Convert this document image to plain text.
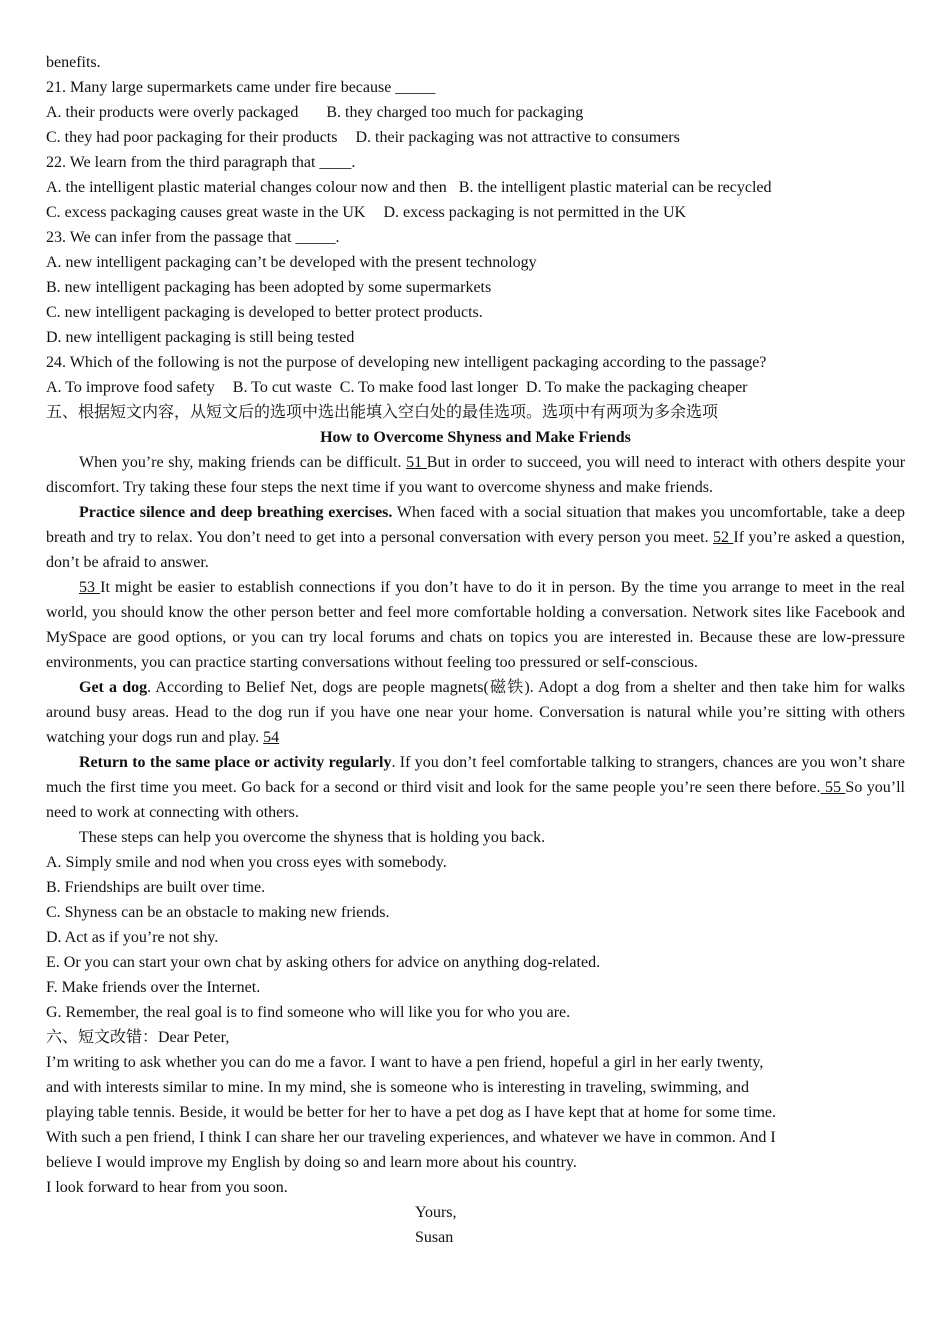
benefits.
21. Many large supermarkets came under fire because _____
A. their products were overly packaged B. they charged too much for packaging
C. they had poor packaging for their products D. their packaging was not attractive to consumers
22. We learn from the third paragraph that ____.
A. the intelligent plastic material changes colour now and then B. the intelligent plastic material can be recycled
C. excess packaging causes great waste in the UK D. excess packaging is not permitted in the UK
23. We can infer from the passage that _____.
A. new intelligent packaging can’t be developed with the present technology
B. new intelligent packaging has been adopted by some supermarkets
C. new intelligent packaging is developed to better protect products.
D. new intelligent packaging is still being tested
24. Which of the following is not the purpose of developing new intelligent packaging according to the passage?
A. To improve food safety B. To cut waste C. To make food last longer D. To make the packaging cheaper
五、根据短文内容，从短文后的选项中选出能填入空白处的最佳选项。选项中有两项为多余选项
How to Overcome Shyness and Make Friends
When you’re shy, making friends can be difficult. 51 But in order to succeed, you will need to interact with others despite your discomfort. Try taking these four steps the next time if you want to overcome shyness and make friends.
Practice silence and deep breathing exercises. When faced with a social situation that makes you uncomfortable, take a deep breath and try to relax. You don’t need to get into a personal conversation with every person you meet. 52 If you’re asked a question, don’t be afraid to answer.
53 It might be easier to establish connections if you don’t have to do it in person. By the time you arrange to meet in the real world, you should know the other person better and feel more comfortable holding a conversation. Network sites like Facebook and MySpace are good options, or you can try local forums and chats on topics you are interested in. Because these are low-pressure environments, you can practice starting conversations without feeling too pressured or self-conscious.
Get a dog. According to Belief Net, dogs are people magnets(磁铁). Adopt a dog from a shelter and then take him for walks around busy areas. Head to the dog run if you have one near your home. Conversation is natural while you’re sitting with others watching your dogs run and play. 54
Return to the same place or activity regularly. If you don’t feel comfortable talking to strangers, chances are you won’t share much the first time you meet. Go back for a second or third visit and look for the same people you’re seen there before. 55 So you’ll need to work at connecting with others.
These steps can help you overcome the shyness that is holding you back.
A. Simply smile and nod when you cross eyes with somebody.
B. Friendships are built over time.
C. Shyness can be an obstacle to making new friends.
D. Act as if you’re not shy.
E. Or you can start your own chat by asking others for advice on anything dog-related.
F. Make friends over the Internet.
G. Remember, the real goal is to find someone who will like you for who you are.
六、短文改错：Dear Peter,
I’m writing to ask whether you can do me a favor. I want to have a pen friend, hopeful a girl in her early twenty,
and with interests similar to mine. In my mind, she is someone who is interesting in traveling, swimming, and
playing table tennis. Beside, it would be better for her to have a pet dog as I have kept that at home for some time.
With such a pen friend, I think I can share her our traveling experiences, and whatever we have in common. And I
believe I would improve my English by doing so and learn more about his country.
I look forward to hear from you soon.
Yours,
Susan
